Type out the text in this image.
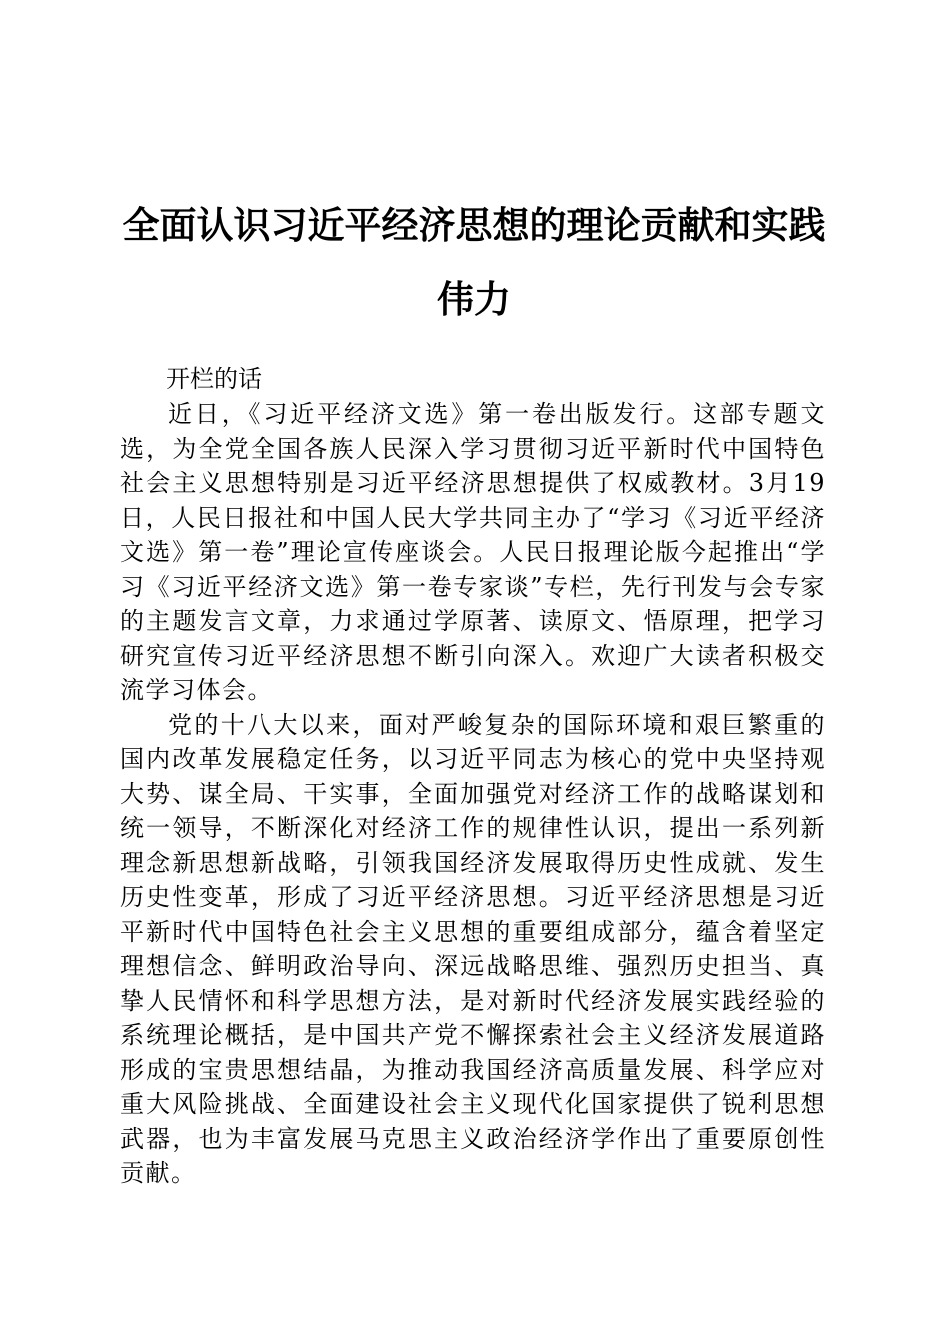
全面认识习近平经济思想的理论贡献和实践伟力
开栏的话

近日，《习近平经济文选》第一卷出版发行。这部专题文选，为全党全国各族人民深入学习贯彻习近平新时代中国特色社会主义思想特别是习近平经济思想提供了权威教材。3月19日，人民日报社和中国人民大学共同主办了“学习《习近平经济文选》第一卷”理论宣传座谈会。人民日报理论版今起推出“学习《习近平经济文选》第一卷专家谈”专栏，先行刊发与会专家的主题发言文章，力求通过学原著、读原文、悟原理，把学习研究宣传习近平经济思想不断引向深入。欢迎广大读者积极交流学习体会。

党的十八大以来，面对严峻复杂的国际环境和艰巨繁重的国内改革发展稳定任务，以习近平同志为核心的党中央坚持观大势、谋全局、干实事，全面加强党对经济工作的战略谋划和统一领导，不断深化对经济工作的规律性认识，提出一系列新理念新思想新战略，引领我国经济发展取得历史性成就、发生历史性变革，形成了习近平经济思想。习近平经济思想是习近平新时代中国特色社会主义思想的重要组成部分，蕴含着坚定理想信念、鲜明政治导向、深远战略思维、强烈历史担当、真挚人民情怀和科学思想方法，是对新时代经济发展实践经验的系统理论概括，是中国共产党不懈探索社会主义经济发展道路形成的宝贵思想结晶，为推动我国经济高质量发展、科学应对重大风险挑战、全面建设社会主义现代化国家提供了锐利思想武器，也为丰富发展马克思主义政治经济学作出了重要原创性贡献。
